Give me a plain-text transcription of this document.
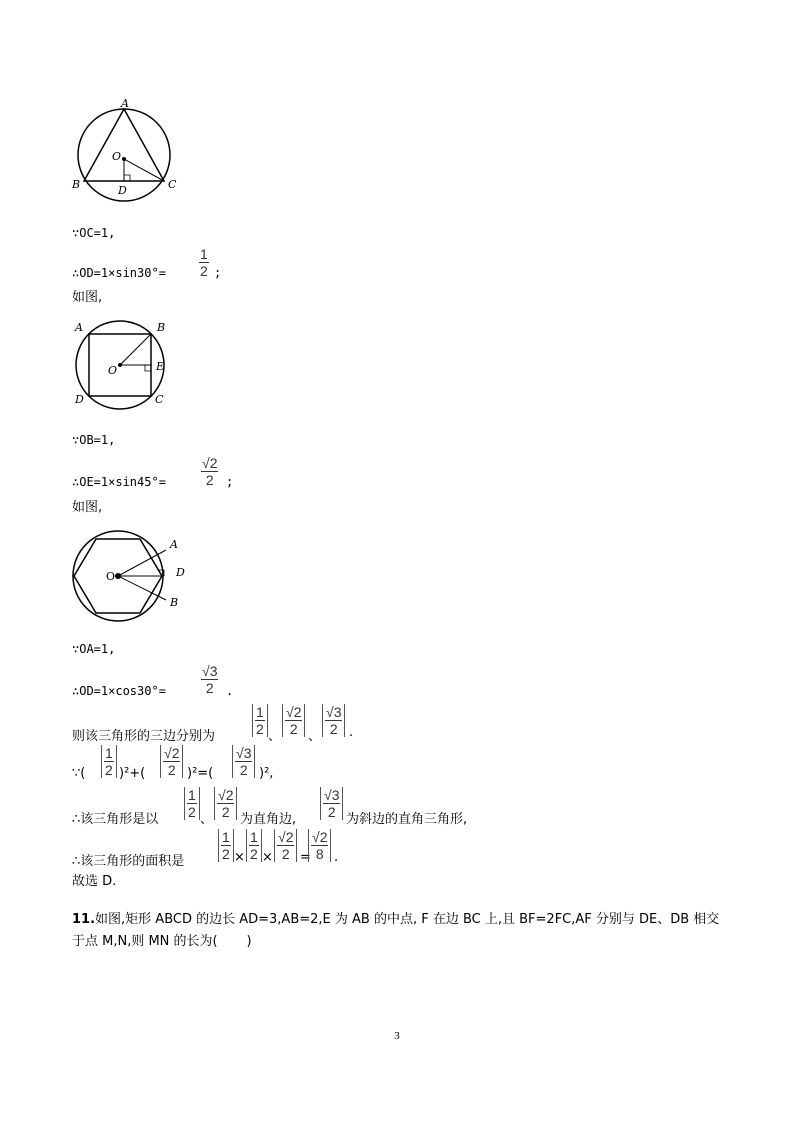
A
O
B	C
D
∵OC=1,
∴OD=1×sin30°= $\frac{1}{2}$ ;
如图,
A	B
D	C
E
O
∵OB=1,
∴OE=1×sin45°=	$\frac{√2}{2}$ ;
如图,
A
D
B
O
∵OA=1,
∴OD=1×cos30°=	$\frac{√3}{2}$ .
则该三角形的三边分别为	$\frac{1}{2}$ 、 $\frac{√2}{2}$ 、 $\frac{√3}{2}$ .
∵( $\frac{1}{2} )^2+( \frac{√2}{2} )^2=( \frac{√3}{2} )^2$,
∴该三角形是以 $\frac{1}{2}$ 、 $\frac{√2}{2}$ 为直角边, $\frac{√3}{2}$ 为斜边的直角三角形,
∴该三角形的面积是 $\frac{1}{2} \times \frac{1}{2} \times \frac{√2}{2}$ =
$\frac{√2}{8}$ .
故选 D.
11.如图,矩形 ABCD 的边长 AD=3,AB=2,E 为 AB 的中点, F 在边 BC 上,且 BF=2FC,AF 分别与 DE、DB 相交于点 M,N,则 MN 的长为(       )
3
